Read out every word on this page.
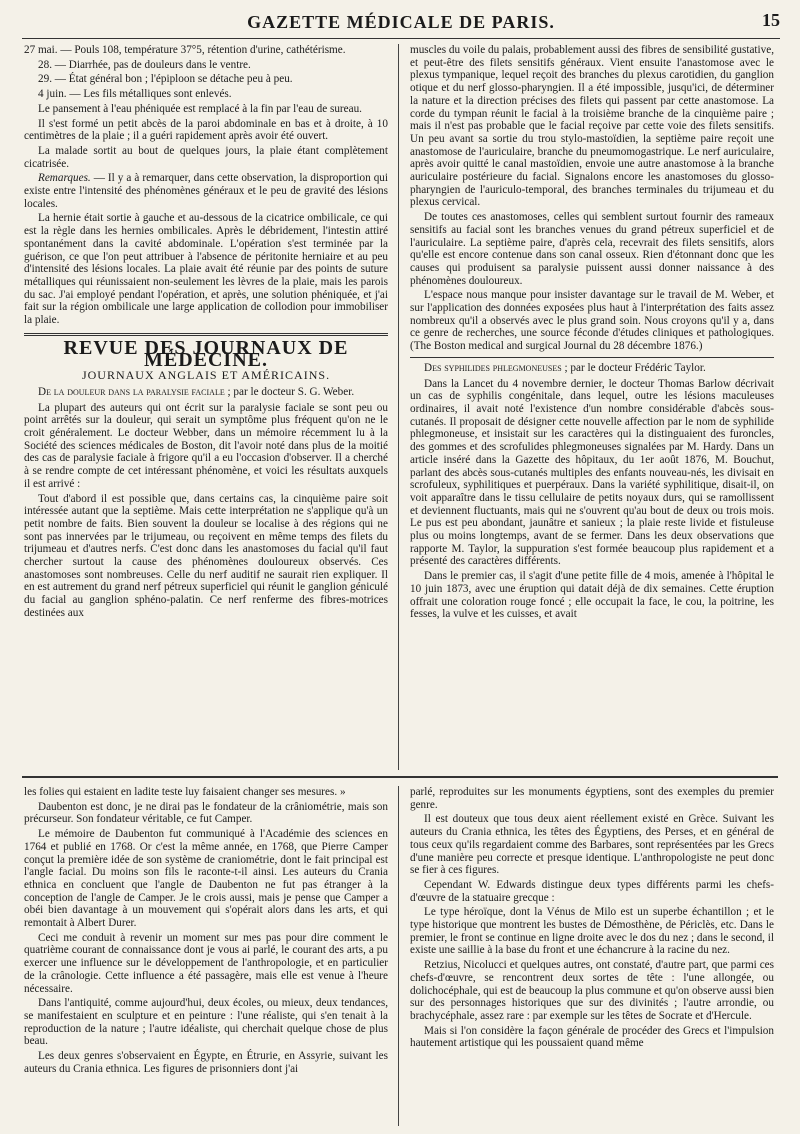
GAZETTE MÉDICALE DE PARIS.	15

27 mai. — Pouls 108, température 37°5, rétention d'urine, cathétérisme.

28. — Diarrhée, pas de douleurs dans le ventre.

29. — État général bon ; l'épiploon se détache peu à peu.

4 juin. — Les fils métalliques sont enlevés.

Le pansement à l'eau phéniquée est remplacé à la fin par l'eau de sureau.

Il s'est formé un petit abcès de la paroi abdominale en bas et à droite, à 10 centimètres de la plaie ; il a guéri rapidement après avoir été ouvert.

La malade sortit au bout de quelques jours, la plaie étant complètement cicatrisée.

Remarques. — Il y a à remarquer, dans cette observation, la disproportion qui existe entre l'intensité des phénomènes généraux et le peu de gravité des lésions locales.

La hernie était sortie à gauche et au-dessous de la cicatrice ombilicale, ce qui est la règle dans les hernies ombilicales. Après le débridement, l'intestin attiré spontanément dans la cavité abdominale. L'opération s'est terminée par la guérison, ce que l'on peut attribuer à l'absence de péritonite herniaire et au peu d'intensité des lésions locales. La plaie avait été réunie par des points de suture métalliques qui réunissaient non-seulement les lèvres de la plaie, mais les parois du sac. J'ai employé pendant l'opération, et après, une solution phéniquée, et j'ai fait sur la région ombilicale une large application de collodion pour immobiliser la plaie.

REVUE DES JOURNAUX DE MÉDECINE.
JOURNAUX ANGLAIS ET AMÉRICAINS.
De la douleur dans la paralysie faciale ; par le docteur S. G. Weber.

La plupart des auteurs qui ont écrit sur la paralysie faciale se sont peu ou point arrêtés sur la douleur, qui serait un symptôme plus fréquent qu'on ne le croit généralement. Le docteur Webber, dans un mémoire récemment lu à la Société des sciences médicales de Boston, dit l'avoir noté dans plus de la moitié des cas de paralysie faciale à frigore qu'il a eu l'occasion d'observer. Il a cherché à se rendre compte de cet intéressant phénomène, et voici les résultats auxquels il est arrivé :

Tout d'abord il est possible que, dans certains cas, la cinquième paire soit intéressée autant que la septième. Mais cette interprétation ne s'applique qu'à un petit nombre de faits. Bien souvent la douleur se localise à des régions qui ne sont pas innervées par le trijumeau, ou reçoivent en même temps des filets du trijumeau et d'autres nerfs. C'est donc dans les anastomoses du facial qu'il faut chercher surtout la cause des phénomènes douloureux observés. Ces anastomoses sont nombreuses. Celle du nerf auditif ne saurait rien expliquer. Il en est autrement du grand nerf pétreux superficiel qui réunit le ganglion géniculé du facial au ganglion sphéno-palatin. Ce nerf renferme des fibres-motrices destinées aux

muscles du voile du palais, probablement aussi des fibres de sensibilité gustative, et peut-être des filets sensitifs généraux. Vient ensuite l'anastomose avec le plexus tympanique, lequel reçoit des branches du plexus carotidien, du ganglion otique et du nerf glosso-pharyngien. Il a été impossible, jusqu'ici, de déterminer la nature et la direction précises des filets qui passent par cette anastomose. La corde du tympan réunit le facial à la troisième branche de la cinquième paire ; mais il n'est pas probable que le facial reçoive par cette voie des filets sensitifs. Un peu avant sa sortie du trou stylo-mastoïdien, la septième paire reçoit une anastomose de l'auriculaire, branche du pneumomogastrique. Le nerf auriculaire, après avoir quitté le canal mastoïdien, envoie une autre anastomose à la branche auriculaire postérieure du facial. Signalons encore les anastomoses du glosso-pharyngien de l'auriculo-temporal, des branches terminales du trijumeau et du plexus cervical.

De toutes ces anastomoses, celles qui semblent surtout fournir des rameaux sensitifs au facial sont les branches venues du grand pétreux superficiel et de l'auriculaire. La septième paire, d'après cela, recevrait des filets sensitifs, alors qu'elle est encore contenue dans son canal osseux. Rien d'étonnant donc que les causes qui produisent sa paralysie puissent aussi donner naissance à des phénomènes douloureux.

L'espace nous manque pour insister davantage sur le travail de M. Weber, et sur l'application des données exposées plus haut à l'interprétation des faits assez nombreux qu'il a observés avec le plus grand soin. Nous croyons qu'il y a, dans ce genre de recherches, une source féconde d'études cliniques et pathologiques. (The Boston medical and surgical Journal du 28 décembre 1876.)

Des syphilides phlegmoneuses ; par le docteur Frédéric Taylor.

Dans la Lancet du 4 novembre dernier, le docteur Thomas Barlow décrivait un cas de syphilis congénitale, dans lequel, outre les lésions maculeuses ordinaires, il avait noté l'existence d'un nombre considérable d'abcès sous-cutanés. Il proposait de désigner cette nouvelle affection par le nom de syphilide phlegmoneuse, et insistait sur les caractères qui la distinguaient des furoncles, des gommes et des scrofulides phlegmoneuses signalées par M. Hardy. Dans un article inséré dans la Gazette des hôpitaux, du 1er août 1876, M. Bouchut, parlant des abcès sous-cutanés multiples des enfants nouveau-nés, les divisait en scrofuleux, syphilitiques et puerpéraux. Dans la variété syphilitique, disait-il, on voit apparaître dans le tissu cellulaire de petits noyaux durs, qui se ramollissent et deviennent fluctuants, mais qui ne s'ouvrent qu'au bout de deux ou trois mois. Le pus est peu abondant, jaunâtre et sanieux ; la plaie reste livide et fistuleuse plus ou moins longtemps, avant de se fermer. Dans les deux observations que rapporte M. Taylor, la suppuration s'est formée beaucoup plus rapidement et a présenté des caractères différents.

Dans le premier cas, il s'agit d'une petite fille de 4 mois, amenée à l'hôpital le 10 juin 1873, avec une éruption qui datait déjà de dix semaines. Cette éruption offrait une coloration rouge foncé ; elle occupait la face, le cou, la poitrine, les fesses, la vulve et les cuisses, et avait

les folies qui estaient en ladite teste luy faisaient changer ses mesures. »

Daubenton est donc, je ne dirai pas le fondateur de la crâniométrie, mais son précurseur. Son fondateur véritable, ce fut Camper.

Le mémoire de Daubenton fut communiqué à l'Académie des sciences en 1764 et publié en 1768. Or c'est la même année, en 1768, que Pierre Camper conçut la première idée de son système de craniométrie, dont le fait principal est l'angle facial. Du moins son fils le raconte-t-il ainsi. Les auteurs du Crania ethnica en concluent que l'angle de Daubenton ne fut pas étranger à la conception de l'angle de Camper. Je le crois aussi, mais je pense que Camper a obéi bien davantage à un mouvement qui s'opérait alors dans les arts, et qui remontait à Albert Durer.

Ceci me conduit à revenir un moment sur mes pas pour dire comment le quatrième courant de connaissance dont je vous ai parlé, le courant des arts, a pu exercer une influence sur le développement de l'anthropologie, et en particulier de la crânologie. Cette influence a été passagère, mais elle est venue à l'heure nécessaire.

Dans l'antiquité, comme aujourd'hui, deux écoles, ou mieux, deux tendances, se manifestaient en sculpture et en peinture : l'une réaliste, qui s'en tenait à la reproduction de la nature ; l'autre idéaliste, qui cherchait quelque chose de plus beau.

Les deux genres s'observaient en Égypte, en Étrurie, en Assyrie, suivant les auteurs du Crania ethnica. Les figures de prisonniers dont j'ai

parlé, reproduites sur les monuments égyptiens, sont des exemples du premier genre.

Il est douteux que tous deux aient réellement existé en Grèce. Suivant les auteurs du Crania ethnica, les têtes des Égyptiens, des Perses, et en général de tous ceux qu'ils regardaient comme des Barbares, sont représentées par les Grecs d'une manière peu correcte et presque identique. L'anthropologiste ne peut donc se fier à ces figures.

Cependant W. Edwards distingue deux types différents parmi les chefs-d'œuvre de la statuaire grecque :

Le type héroïque, dont la Vénus de Milo est un superbe échantillon ; et le type historique que montrent les bustes de Démosthène, de Périclès, etc. Dans le premier, le front se continue en ligne droite avec le dos du nez ; dans le second, il existe une saillie à la base du front et une échancrure à la racine du nez.

Retzius, Nicolucci et quelques autres, ont constaté, d'autre part, que parmi ces chefs-d'œuvre, se rencontrent deux sortes de tête : l'une allongée, ou dolichocéphale, qui est de beaucoup la plus commune et qu'on observe aussi bien sur des personnages historiques que sur des divinités ; l'autre arrondie, ou brachycéphale, assez rare : par exemple sur les têtes de Socrate et d'Hercule.

Mais si l'on considère la façon générale de procéder des Grecs et l'impulsion hautement artistique qui les poussaient quand même
